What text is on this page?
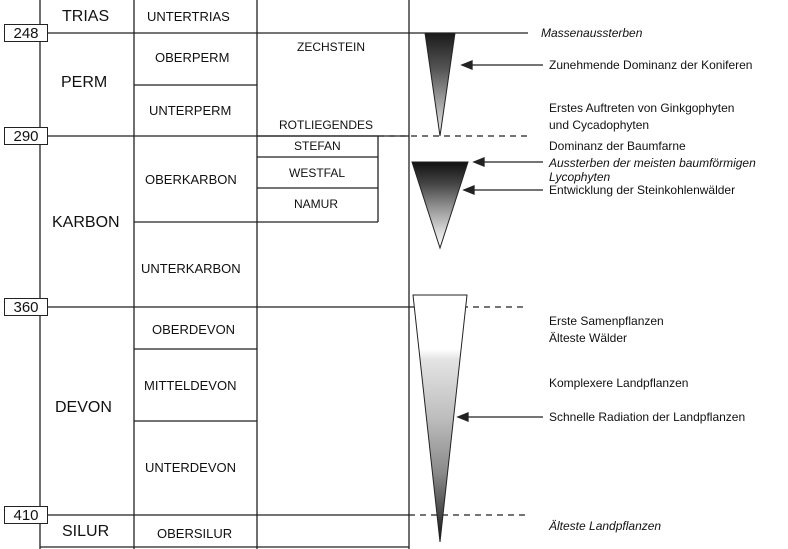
248
290
360
410
TRIAS
PERM
KARBON
DEVON
SILUR
UNTERTRIAS
OBERPERM
UNTERPERM
OBERKARBON
UNTERKARBON
OBERDEVON
MITTELDEVON
UNTERDEVON
OBERSILUR
ZECHSTEIN
ROTLIEGENDES
STEFAN
WESTFAL
NAMUR
Massenaussterben
Zunehmende Dominanz der Koniferen
Erstes Auftreten von Ginkgophyten
und Cycadophyten
Dominanz der Baumfarne
Aussterben der meisten baumförmigen
Lycophyten
Entwicklung der Steinkohlenwälder
Erste Samenpflanzen
Älteste Wälder
Komplexere Landpflanzen
Schnelle Radiation der Landpflanzen
Älteste Landpflanzen
